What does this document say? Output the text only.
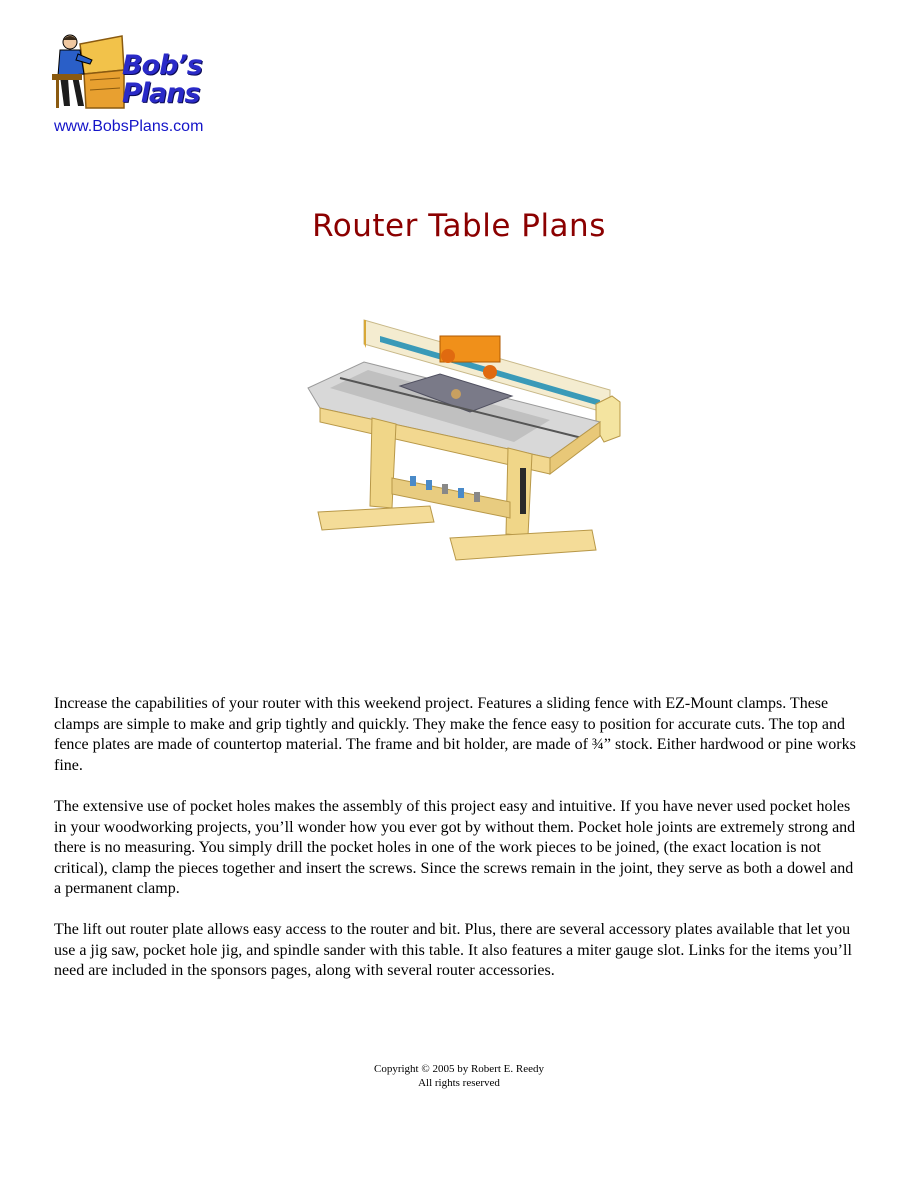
Bob’s
Plans
www.BobsPlans.com
Router Table Plans

Increase the capabilities of your router with this weekend project. Features a sliding fence with EZ-Mount clamps. These clamps are simple to make and grip tightly and quickly. They make the fence easy to position for accurate cuts. The top and fence plates are made of countertop material. The frame and bit holder, are made of ¾” stock. Either hardwood or pine works fine.

The extensive use of pocket holes makes the assembly of this project easy and intuitive. If you have never used pocket holes in your woodworking projects, you’ll wonder how you ever got by without them. Pocket hole joints are extremely strong and there is no measuring. You simply drill the pocket holes in one of the work pieces to be joined, (the exact location is not critical), clamp the pieces together and insert the screws. Since the screws remain in the joint, they serve as both a dowel and a permanent clamp.

The lift out router plate allows easy access to the router and bit. Plus, there are several accessory plates available that let you use a jig saw, pocket hole jig, and spindle sander with this table. It also features a miter gauge slot. Links for the items you’ll need are included in the sponsors pages, along with several router accessories.

Copyright © 2005 by Robert E. Reedy
All rights reserved
